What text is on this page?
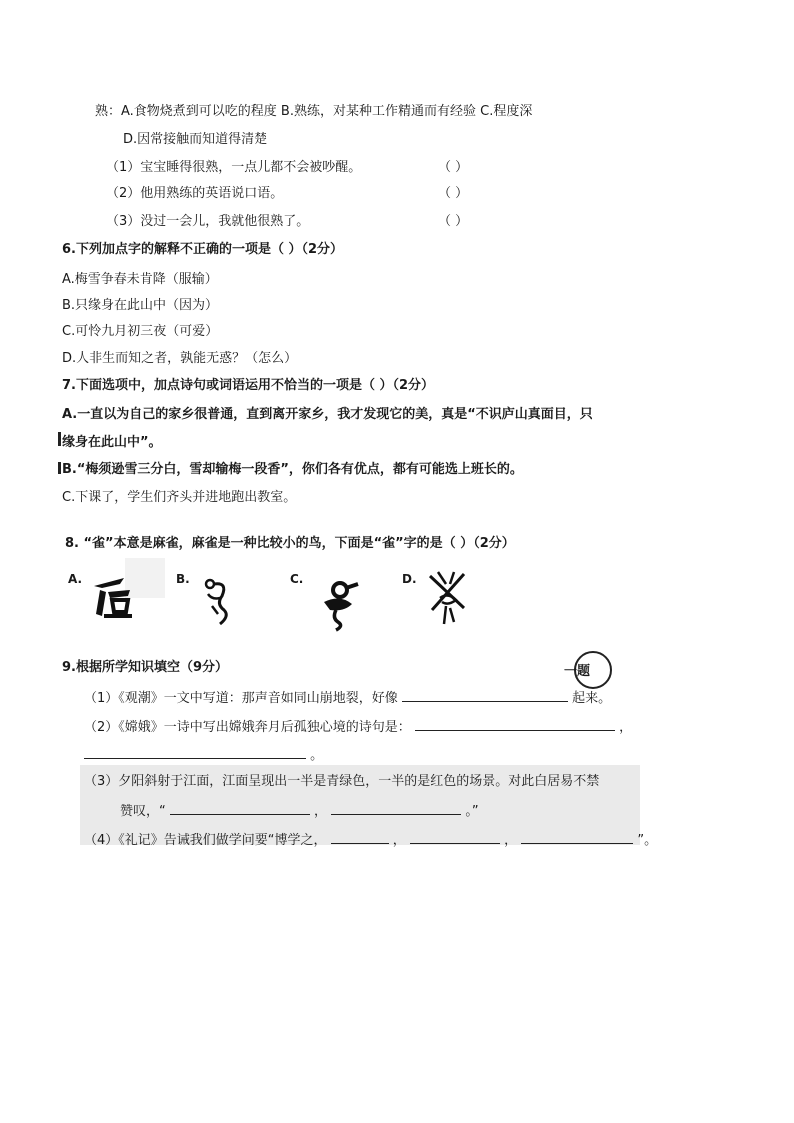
熟：A.食物烧煮到可以吃的程度 B.熟练，对某种工作精通而有经验 C.程度深
D.因常接触而知道得清楚
（1）宝宝睡得很熟，一点儿都不会被吵醒。	（ ）
（2）他用熟练的英语说口语。	（ ）
（3）没过一会儿，我就他很熟了。	（ ）
6.下列加点字的解释不正确的一项是（ ）（2分）
A.梅雪争春未肯降（服输）
B.只缘身在此山中（因为）
C.可怜九月初三夜（可爱）
D.人非生而知之者，孰能无惑？（怎么）
7.下面选项中，加点诗句或词语运用不恰当的一项是（ ）（2分）
A.一直以为自己的家乡很普通，直到离开家乡，我才发现它的美，真是“不识庐山真面目，只
缘身在此山中”。
B.“梅须逊雪三分白，雪却输梅一段香”，你们各有优点，都有可能选上班长的。
C.下课了，学生们齐头并进地跑出教室。
8. “雀”本意是麻雀，麻雀是一种比较小的鸟，下面是“雀”字的是（ ）（2分）
A.	B.	C.	D.
9.根据所学知识填空（9分）	一题
（1）《观潮》一文中写道：那声音如同山崩地裂，好像	起来。
（2）《嫦娥》一诗中写出嫦娥奔月后孤独心境的诗句是：	，
。
（3）夕阳斜射于江面，江面呈现出一半是青绿色，一半的是红色的场景。对此白居易不禁
赞叹，“	，	。”
（4）《礼记》告诫我们做学问要“博学之，	，	，	”。
